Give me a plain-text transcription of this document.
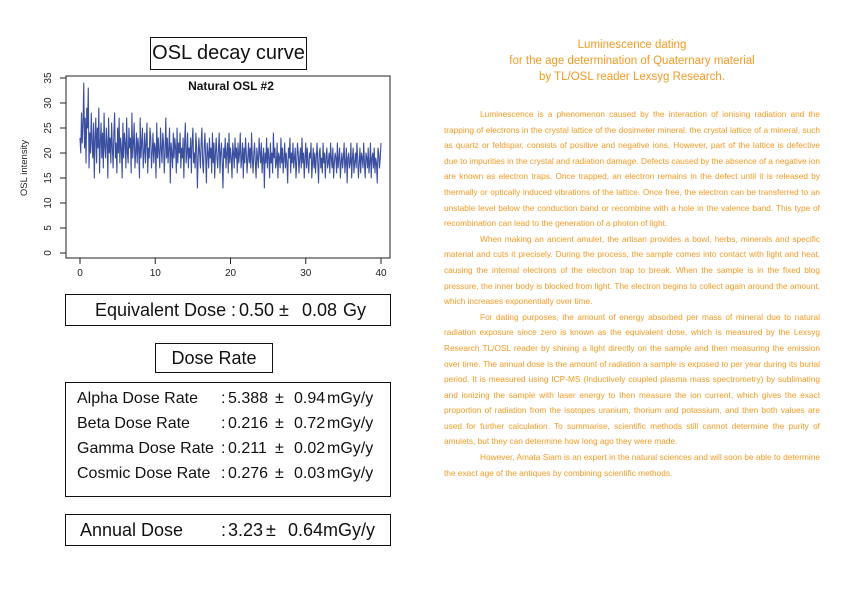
OSL decay curve
0	10	20	30	40
0
5
10
15
20
25
30
35
OSL intensity
Natural OSL #2
Equivalent Dose : 0.50 ± 0.08 Gy
Dose Rate
Alpha Dose Rate : 5.388 ± 0.94 mGy/y
Beta Dose Rate : 0.216 ± 0.72 mGy/y
Gamma Dose Rate : 0.211 ± 0.02 mGy/y
Cosmic Dose Rate : 0.276 ± 0.03 mGy/y
Annual Dose : 3.23 ± 0.64 mGy/y

Luminescence dating

for the age determination of Quaternary material

by TL/OSL reader Lexsyg Research.

Luminescence is a phenomenon caused by the interaction of ionising radiation and the trapping of electrons in the crystal lattice of the dosimeter mineral. the crystal lattice of a mineral, such as quartz or feldspar, consists of positive and negative ions. However, part of the lattice is defective due to impurities in the crystal and radiation damage. Defects caused by the absence of a negative ion are known as electron traps. Once trapped, an electron remains in the defect until it is released by thermally or optically induced vibrations of the lattice. Once free, the electron can be transferred to an unstable level below the conduction band or recombine with a hole in the valence band. This type of recombination can lead to the generation of a photon of light.

When making an ancient amulet, the artisan provides a bowl, herbs, minerals and specific material and cuts it precisely. During the process, the sample comes into contact with light and heat, causing the internal electrons of the electron trap to break. When the sample is in the fixed blog pressure, the inner body is blocked from light. The electron begins to collect again around the amount, which increases exponentially over time.

For dating purposes, the amount of energy absorbed per mass of mineral due to natural radiation exposure since zero is known as the equivalent dose, which is measured by the Lexsyg Research TL/OSL reader by shining a light directly on the sample and then measuring the emission over time. The annual dose is the amount of radiation a sample is exposed to per year during its burial period. It is measured using ICP-MS (Inductively coupled plasma mass spectrometry) by sublimating and ionizing the sample with laser energy to then measure the ion current, which gives the exact proportion of radiation from the isotopes uranium, thorium and potassium, and then both values are used for further calculation. To summarise, scientific methods still cannot determine the purity of amulets, but they can determine how long ago they were made.

However, Amata Siam is an expert in the natural sciences and will soon be able to determine the exact age of the antiques by combining scientific methods.
